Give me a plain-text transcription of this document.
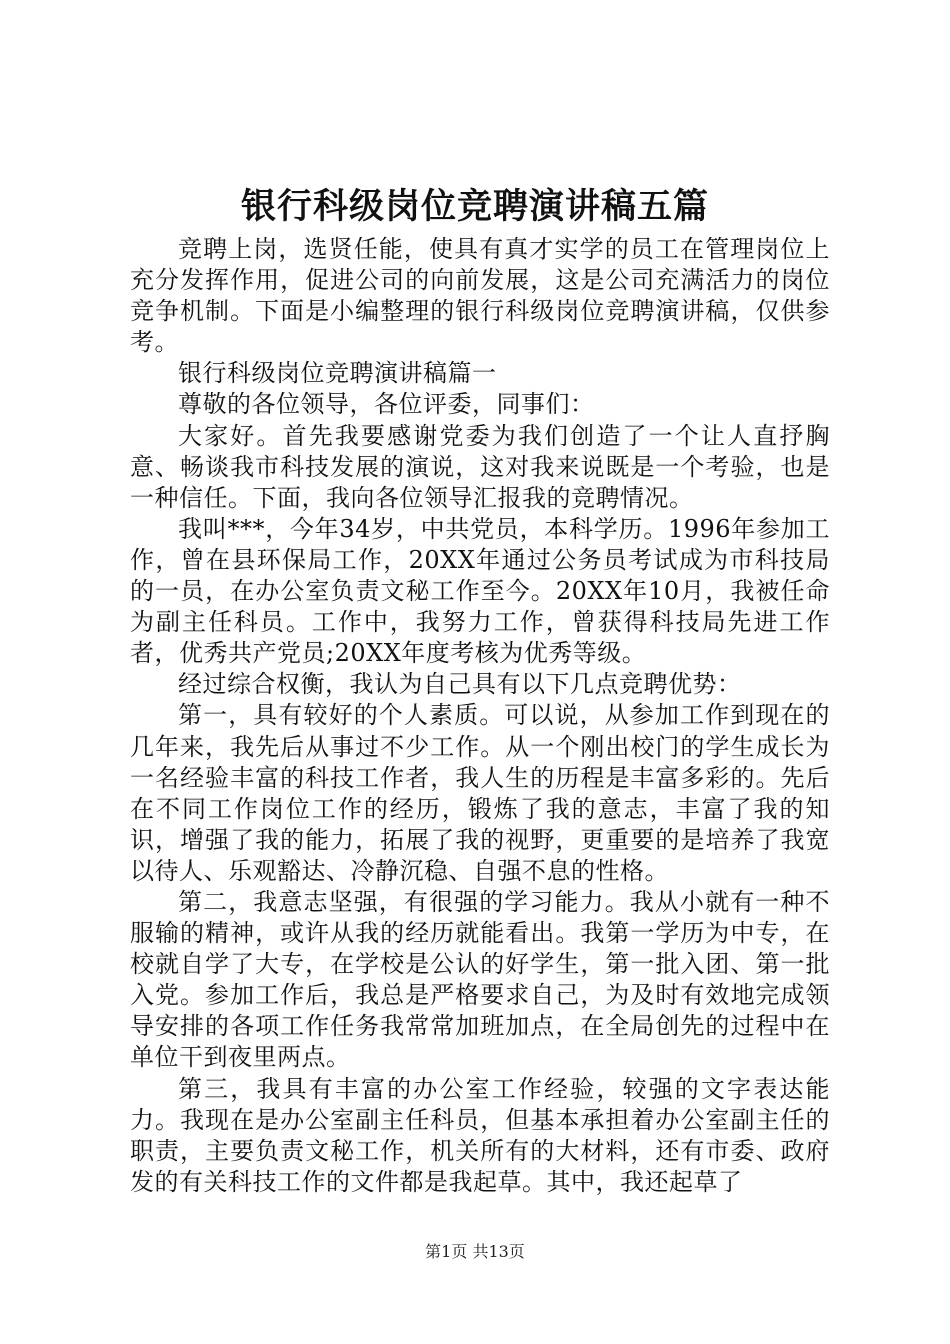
银行科级岗位竞聘演讲稿五篇

竞聘上岗，选贤任能，使具有真才实学的员工在管理岗位上充分发挥作用，促进公司的向前发展，这是公司充满活力的岗位竞争机制。下面是小编整理的银行科级岗位竞聘演讲稿，仅供参考。

银行科级岗位竞聘演讲稿篇一

尊敬的各位领导，各位评委，同事们：

大家好。首先我要感谢党委为我们创造了一个让人直抒胸意、畅谈我市科技发展的演说，这对我来说既是一个考验，也是一种信任。下面，我向各位领导汇报我的竞聘情况。

我叫***，今年34岁，中共党员，本科学历。1996年参加工作，曾在县环保局工作，20XX年通过公务员考试成为市科技局的一员，在办公室负责文秘工作至今。20XX年10月，我被任命为副主任科员。工作中，我努力工作，曾获得科技局先进工作者，优秀共产党员;20XX年度考核为优秀等级。

经过综合权衡，我认为自己具有以下几点竞聘优势：

第一，具有较好的个人素质。可以说，从参加工作到现在的几年来，我先后从事过不少工作。从一个刚出校门的学生成长为一名经验丰富的科技工作者，我人生的历程是丰富多彩的。先后在不同工作岗位工作的经历，锻炼了我的意志，丰富了我的知识，增强了我的能力，拓展了我的视野，更重要的是培养了我宽以待人、乐观豁达、冷静沉稳、自强不息的性格。

第二，我意志坚强，有很强的学习能力。我从小就有一种不服输的精神，或许从我的经历就能看出。我第一学历为中专，在校就自学了大专，在学校是公认的好学生，第一批入团、第一批入党。参加工作后，我总是严格要求自己，为及时有效地完成领导安排的各项工作任务我常常加班加点，在全局创先的过程中在单位干到夜里两点。

第三，我具有丰富的办公室工作经验，较强的文字表达能力。我现在是办公室副主任科员，但基本承担着办公室副主任的职责，主要负责文秘工作，机关所有的大材料，还有市委、政府发的有关科技工作的文件都是我起草。其中，我还起草了

第1页 共13页
